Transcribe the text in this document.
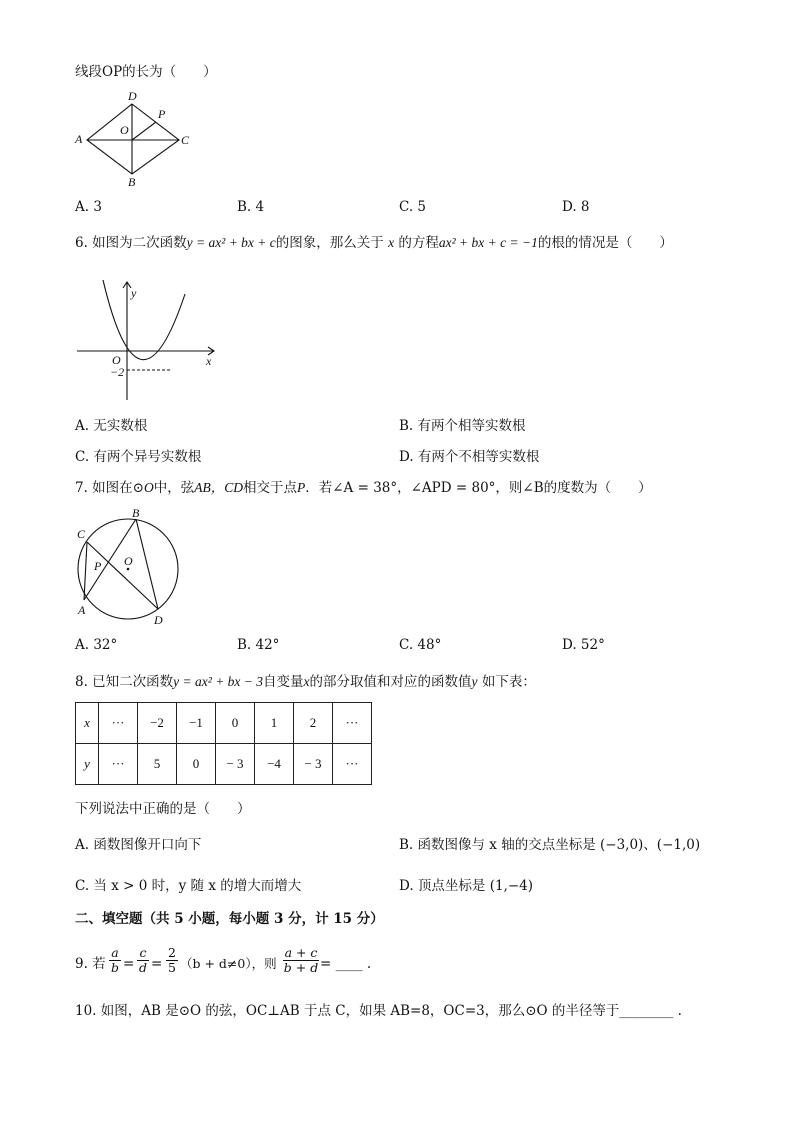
线段OP的长为（　　）
D
P
A
O
C
B
A. 3	B. 4	C. 5	D. 8
6. 如图为二次函数y = ax² + bx + c的图象，那么关于 x 的方程ax² + bx + c = −1的根的情况是（　　）
y
x
O
−2
A. 无实数根	B. 有两个相等实数根
C. 有两个异号实数根	D. 有两个不相等实数根
7. 如图在⊙O中，弦AB，CD相交于点P．若∠A = 38°，∠APD = 80°，则∠B的度数为（　　）
C
B
P O
A
D
A. 32°	B. 42°	C. 48°	D. 52°
8. 已知二次函数y = ax² + bx − 3自变量x的部分取值和对应的函数值y 如下表：
x	···	−2	−1	0	1	2	···
y	···	5	0	− 3	−4	− 3	···
下列说法中正确的是（　　）
A. 函数图像开口向下	B. 函数图像与 x 轴的交点坐标是 (−3,0)、(−1,0)
C. 当 x > 0 时，y 随 x 的增大而增大	D. 顶点坐标是 (1,−4)
二、填空题（共 5 小题，每小题 3 分，计 15 分）
9. 若 $\frac{a}{b} = \frac{c}{d} = \frac{2}{5} (b + d\ne 0)$，则 $\frac{a + c}{b + d}$ = ____ .
10. 如图，AB 是⊙O 的弦，OC⊥AB 于点 C，如果 AB=8，OC=3，那么⊙O 的半径等于________ .
